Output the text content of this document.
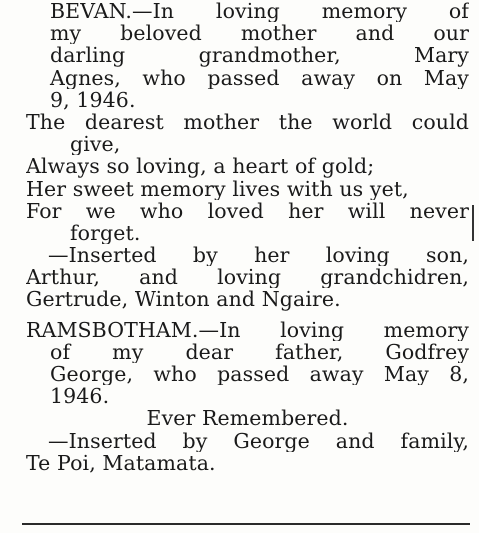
BEVAN.—In loving memory of
my beloved mother and our
darling grandmother, Mary
Agnes, who passed away on May
9, 1946.
The dearest mother the world could
give,
Always so loving, a heart of gold;
Her sweet memory lives with us yet,
For we who loved her will never
forget.
—Inserted by her loving son,
Arthur, and loving grandchidren,
Gertrude, Winton and Ngaire.
RAMSBOTHAM.—In loving memory
of my dear father, Godfrey
George, who passed away May 8,
1946.
Ever Remembered.
—Inserted by George and family,
Te Poi, Matamata.
